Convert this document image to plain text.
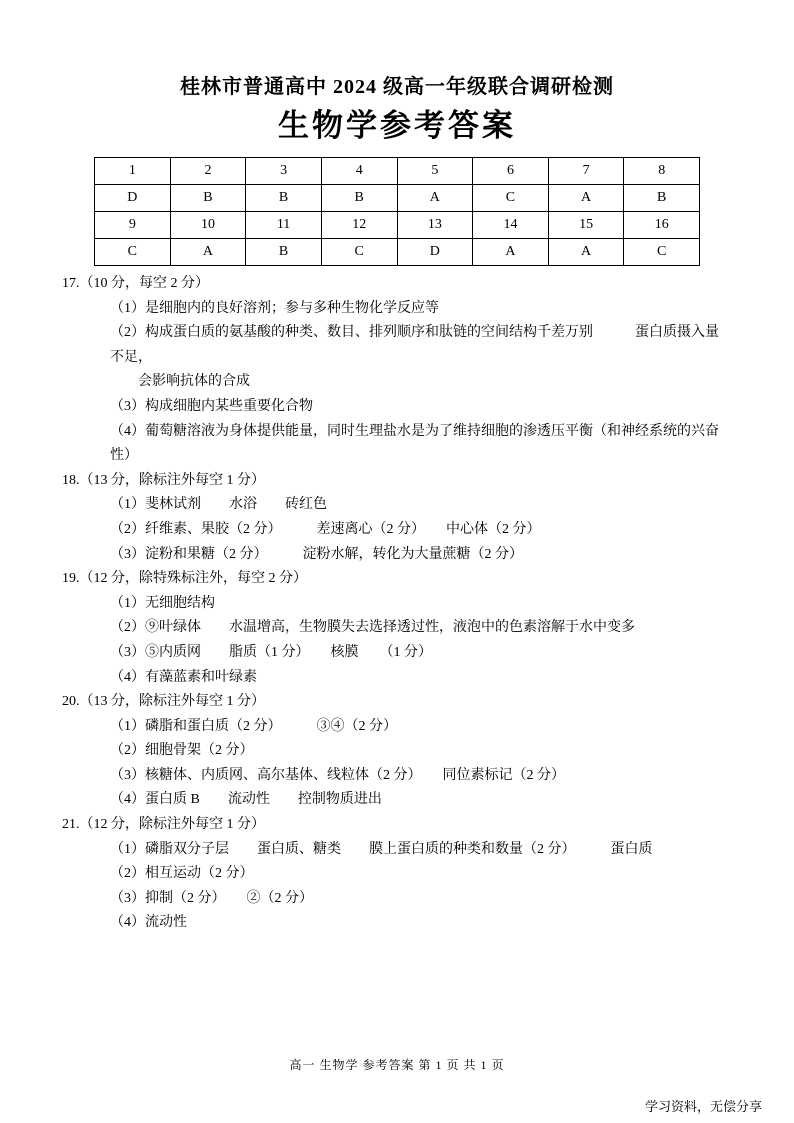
桂林市普通高中 2024 级高一年级联合调研检测
生物学参考答案
1	2	3	4	5	6	7	8
D	B	B	B	A	C	A	B
9	10	11	12	13	14	15	16
C	A	B	C	D	A	A	C
17.（10 分，每空 2 分）
（1）是细胞内的良好溶剂；参与多种生物化学反应等
（2）构成蛋白质的氨基酸的种类、数目、排列顺序和肽链的空间结构千差万别　　　蛋白质摄入量不足，
会影响抗体的合成
（3）构成细胞内某些重要化合物
（4）葡萄糖溶液为身体提供能量，同时生理盐水是为了维持细胞的渗透压平衡（和神经系统的兴奋性）
18.（13 分，除标注外每空 1 分）
（1）斐林试剂　　水浴　　砖红色
（2）纤维素、果胶（2 分）　　　差速离心（2 分）　　中心体（2 分）
（3）淀粉和果糖（2 分）　　　淀粉水解，转化为大量蔗糖（2 分）
19.（12 分，除特殊标注外，每空 2 分）
（1）无细胞结构
（2）⑨叶绿体　　水温增高，生物膜失去选择透过性，液泡中的色素溶解于水中变多
（3）⑤内质网　　脂质（1 分）　　核膜　　（1 分）
（4）有藻蓝素和叶绿素
20.（13 分，除标注外每空 1 分）
（1）磷脂和蛋白质（2 分）　　　③④（2 分）
（2）细胞骨架（2 分）
（3）核糖体、内质网、高尔基体、线粒体（2 分）　　同位素标记（2 分）
（4）蛋白质 B　　流动性　　控制物质进出
21.（12 分，除标注外每空 1 分）
（1）磷脂双分子层　　蛋白质、糖类　　膜上蛋白质的种类和数量（2 分）　　　蛋白质
（2）相互运动（2 分）
（3）抑制（2 分）　　②（2 分）
（4）流动性
高一 生物学 参考答案 第 1 页 共 1 页
学习资料，无偿分享
